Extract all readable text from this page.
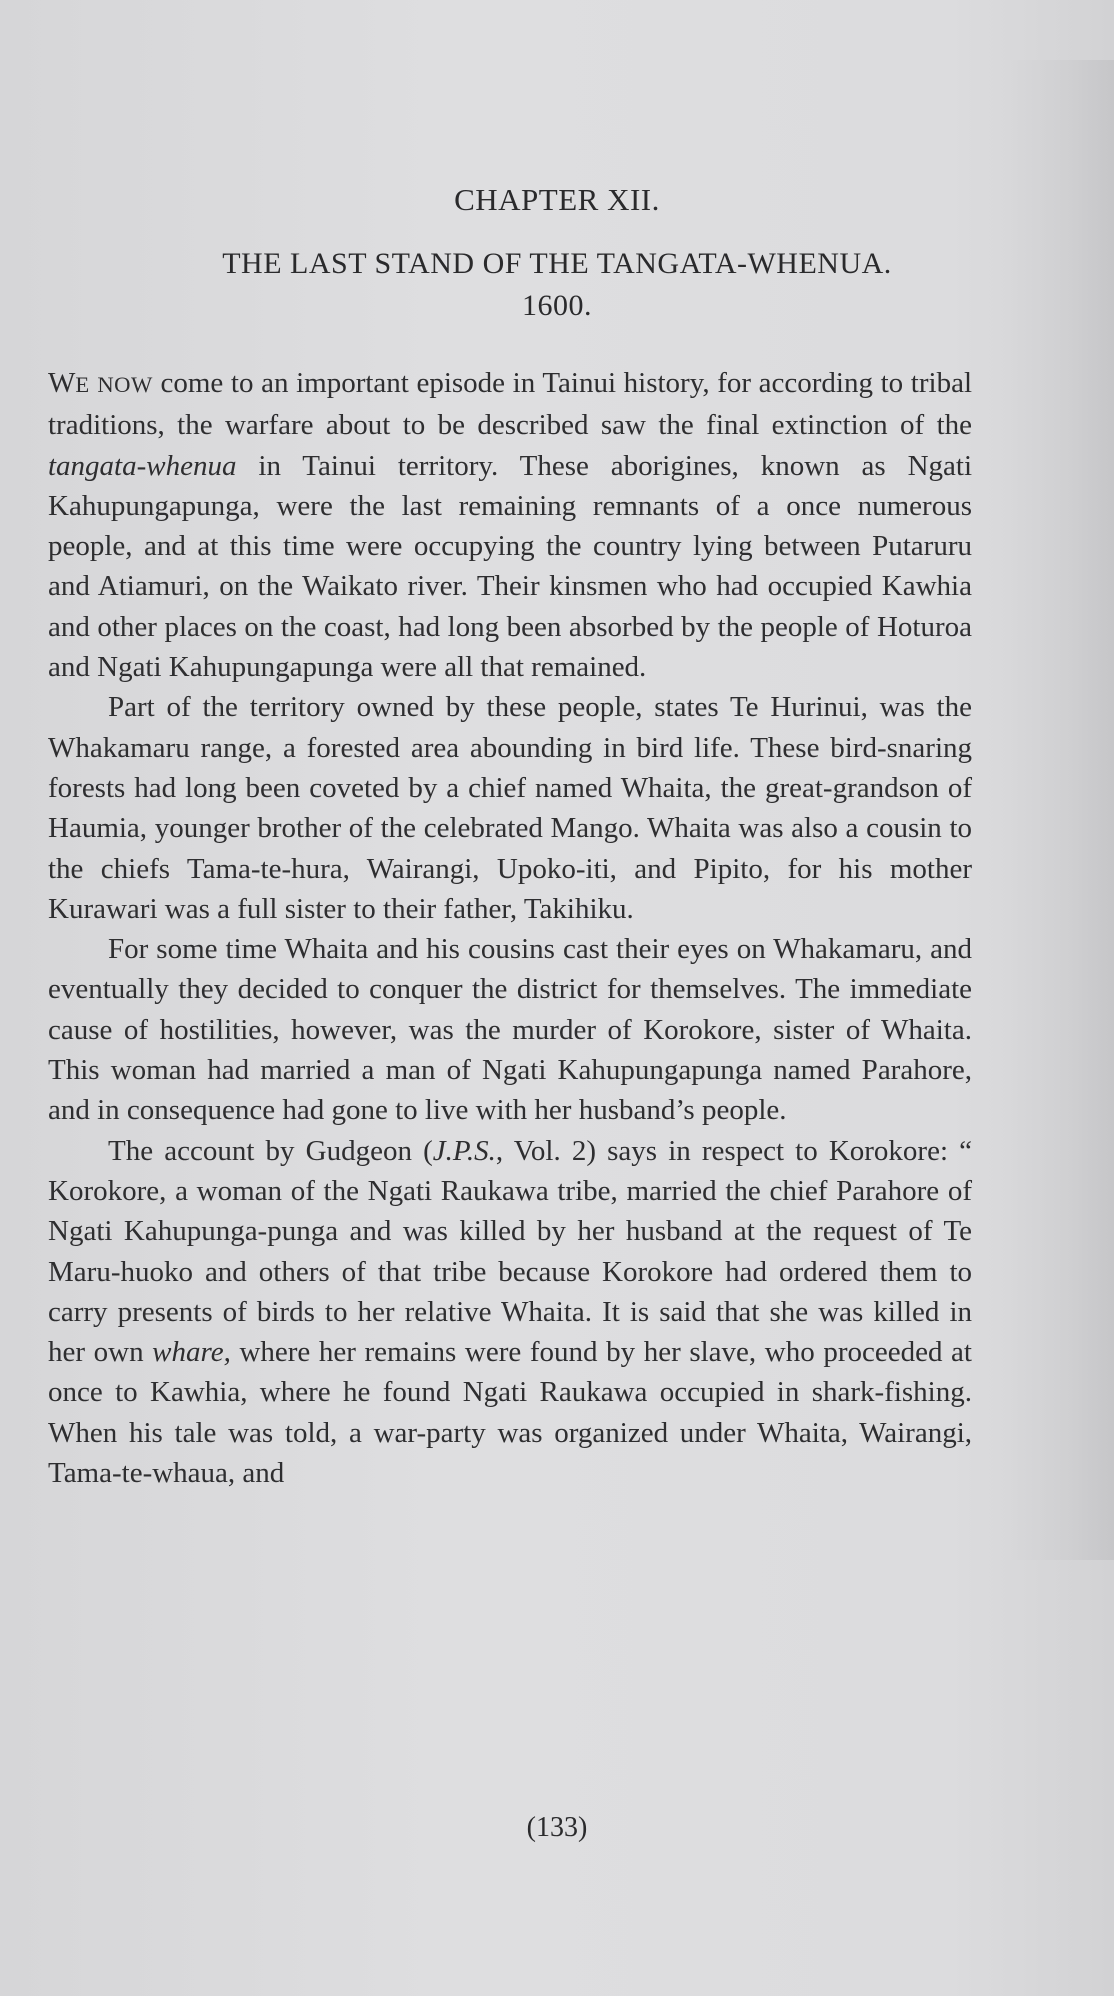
CHAPTER XII.
THE LAST STAND OF THE TANGATA-WHENUA.
1600.

WE NOW come to an important episode in Tainui history, for according to tribal traditions, the warfare about to be described saw the final extinction of the tangata-whenua in Tainui territory. These aborigines, known as Ngati Kahupungapunga, were the last remaining remnants of a once numerous people, and at this time were occupying the country lying between Putaruru and Atiamuri, on the Waikato river. Their kinsmen who had occupied Kawhia and other places on the coast, had long been absorbed by the people of Hoturoa and Ngati Kahupungapunga were all that remained.

Part of the territory owned by these people, states Te Hurinui, was the Whakamaru range, a forested area abounding in bird life. These bird-snaring forests had long been coveted by a chief named Whaita, the great-grandson of Haumia, younger brother of the celebrated Mango. Whaita was also a cousin to the chiefs Tama-te-hura, Wairangi, Upoko-iti, and Pipito, for his mother Kurawari was a full sister to their father, Takihiku.

For some time Whaita and his cousins cast their eyes on Whakamaru, and eventually they decided to conquer the district for themselves. The immediate cause of hostilities, however, was the murder of Korokore, sister of Whaita. This woman had married a man of Ngati Kahupungapunga named Parahore, and in consequence had gone to live with her husband’s people.

The account by Gudgeon (J.P.S., Vol. 2) says in respect to Korokore: “ Korokore, a woman of the Ngati Raukawa tribe, married the chief Parahore of Ngati Kahupunga-punga and was killed by her husband at the request of Te Maru-huoko and others of that tribe because Korokore had ordered them to carry presents of birds to her relative Whaita. It is said that she was killed in her own whare, where her remains were found by her slave, who proceeded at once to Kawhia, where he found Ngati Raukawa occupied in shark-fishing. When his tale was told, a war-party was organized under Whaita, Wairangi, Tama-te-whaua, and

(133)
